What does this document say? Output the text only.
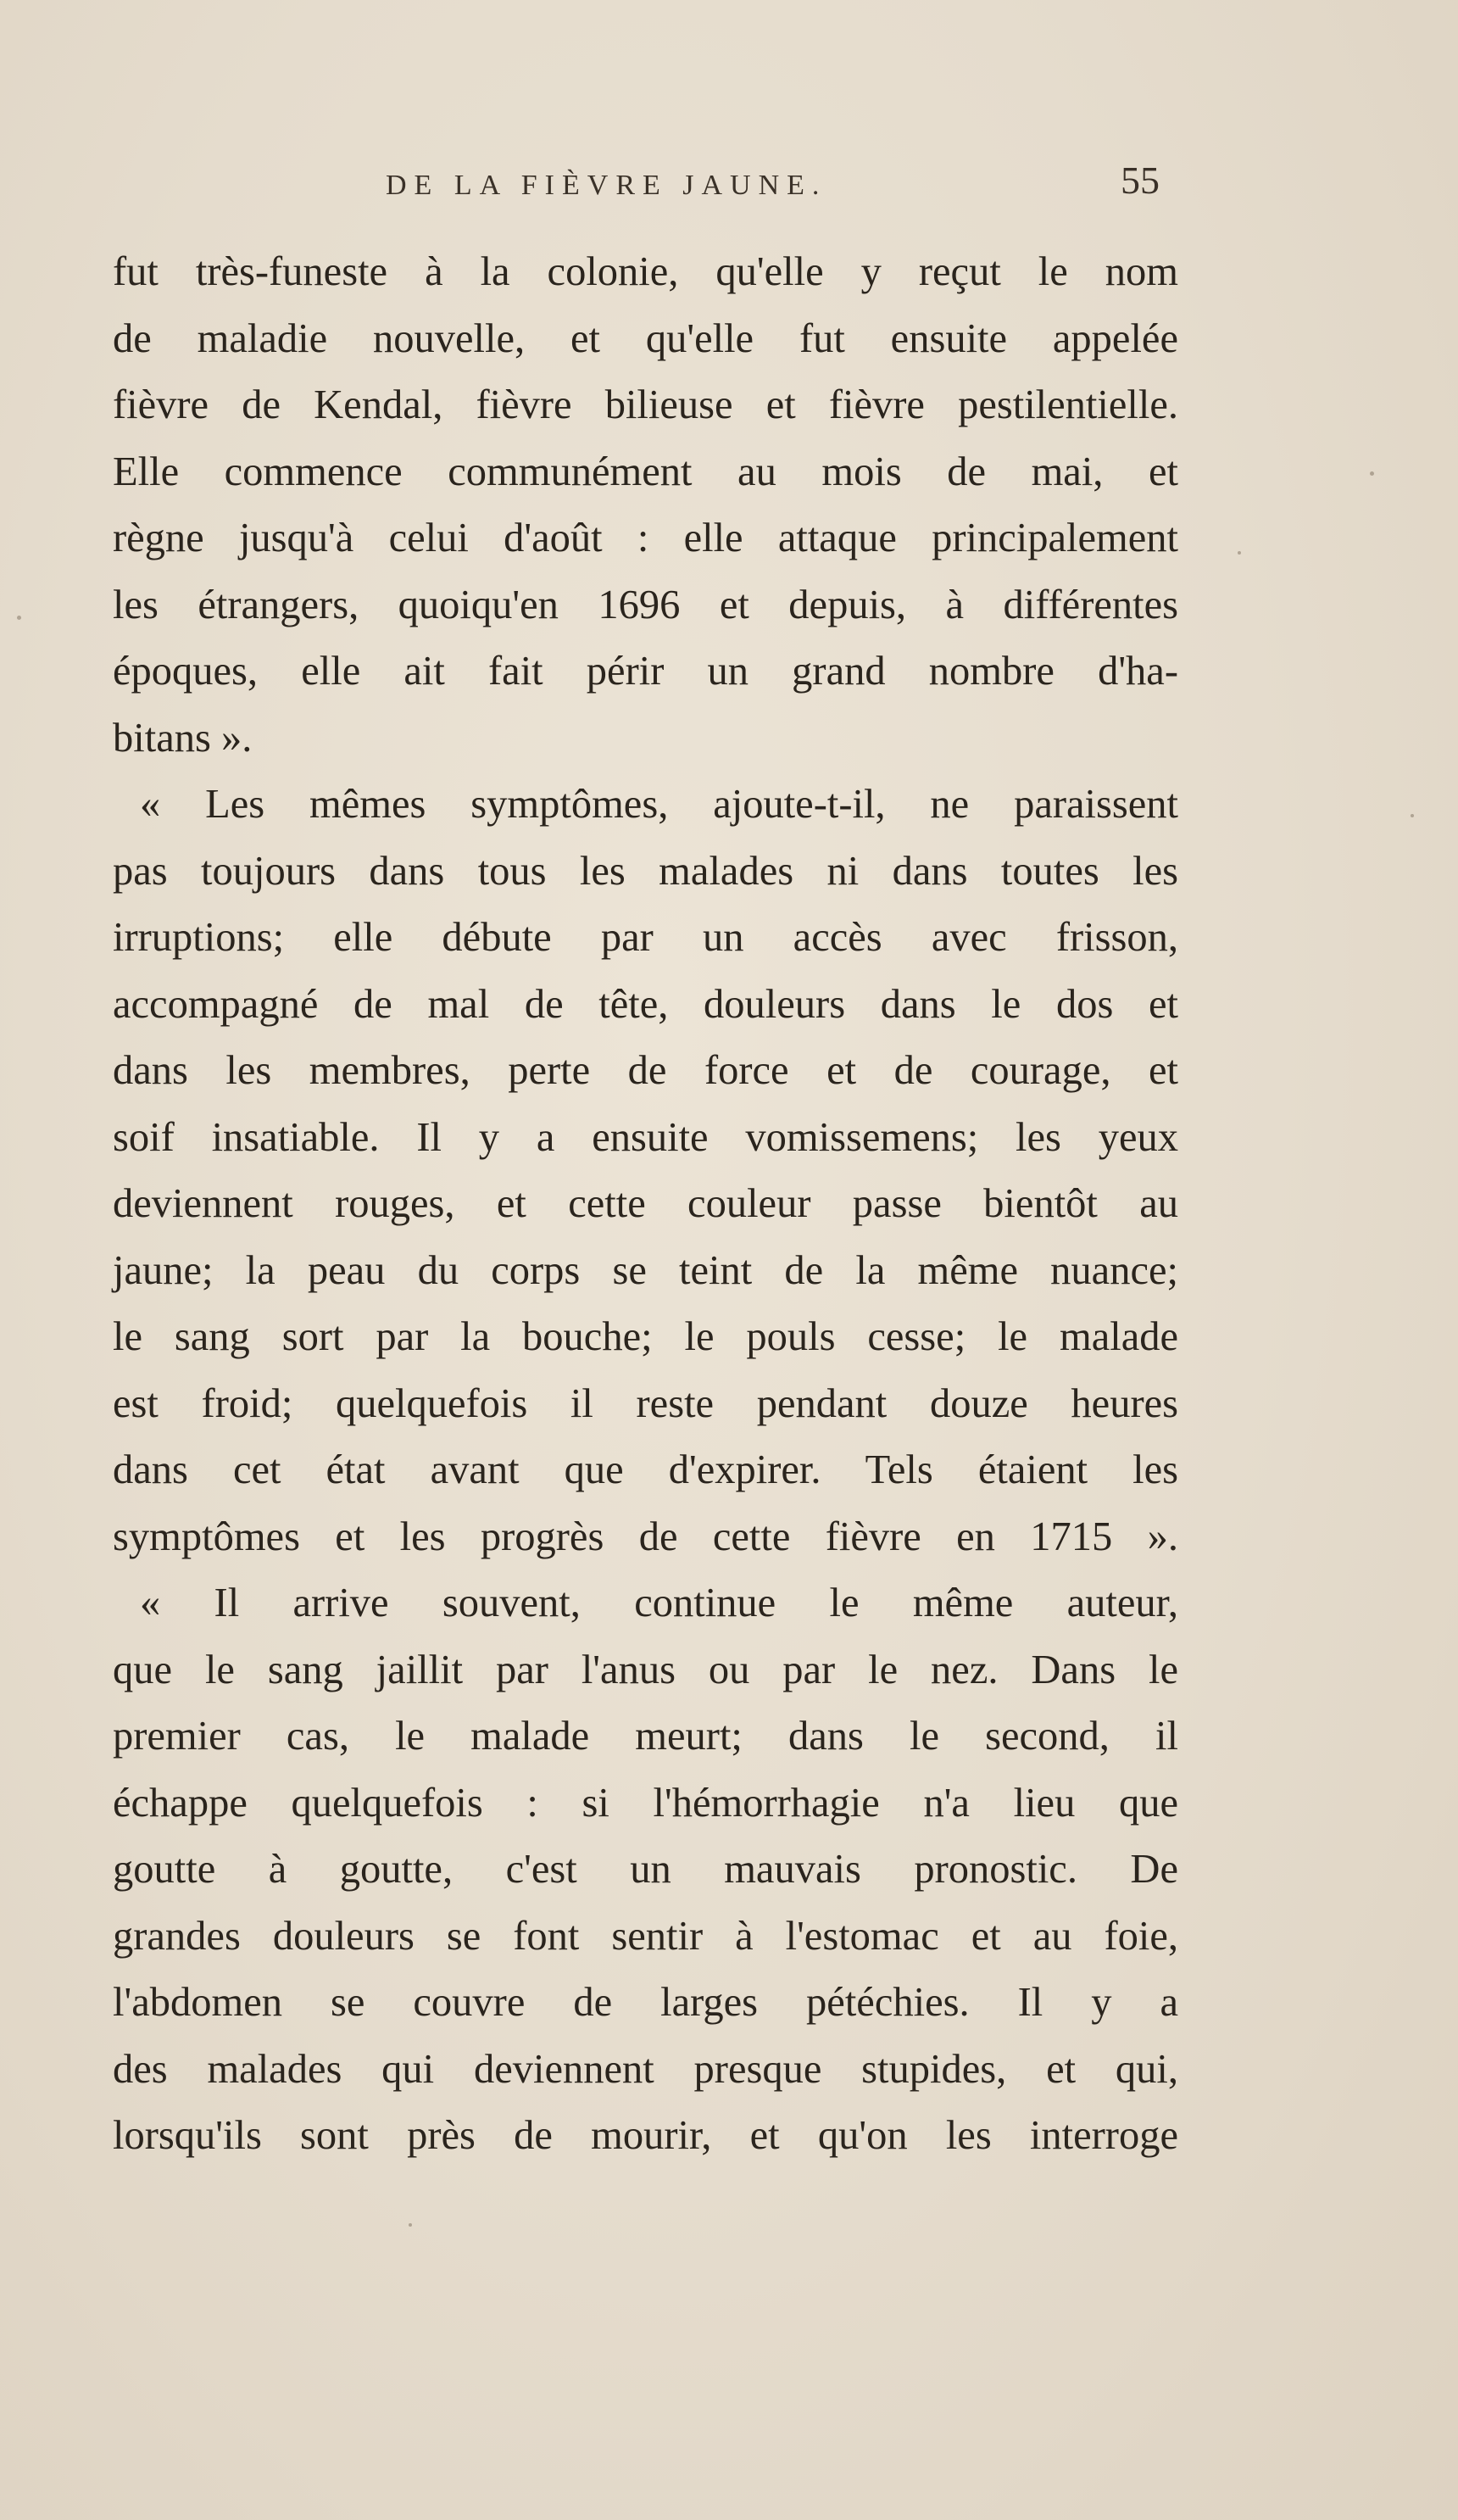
DE LA FIÈVRE JAUNE.	55
fut très-funeste à la colonie, qu'elle y reçut le nom
de maladie nouvelle, et qu'elle fut ensuite appelée
fièvre de Kendal, fièvre bilieuse et fièvre pestilentielle.
Elle commence communément au mois de mai, et
règne jusqu'à celui d'août : elle attaque principalement
les étrangers, quoiqu'en 1696 et depuis, à différentes
époques, elle ait fait périr un grand nombre d'ha-
bitans ».
« Les mêmes symptômes, ajoute-t-il, ne paraissent
pas toujours dans tous les malades ni dans toutes les
irruptions; elle débute par un accès avec frisson,
accompagné de mal de tête, douleurs dans le dos et
dans les membres, perte de force et de courage, et
soif insatiable. Il y a ensuite vomissemens; les yeux
deviennent rouges, et cette couleur passe bientôt au
jaune; la peau du corps se teint de la même nuance;
le sang sort par la bouche; le pouls cesse; le malade
est froid; quelquefois il reste pendant douze heures
dans cet état avant que d'expirer. Tels étaient les
symptômes et les progrès de cette fièvre en 1715 ».
« Il arrive souvent, continue le même auteur,
que le sang jaillit par l'anus ou par le nez. Dans le
premier cas, le malade meurt; dans le second, il
échappe quelquefois : si l'hémorrhagie n'a lieu que
goutte à goutte, c'est un mauvais pronostic. De
grandes douleurs se font sentir à l'estomac et au foie,
l'abdomen se couvre de larges pétéchies. Il y a
des malades qui deviennent presque stupides, et qui,
lorsqu'ils sont près de mourir, et qu'on les interroge
